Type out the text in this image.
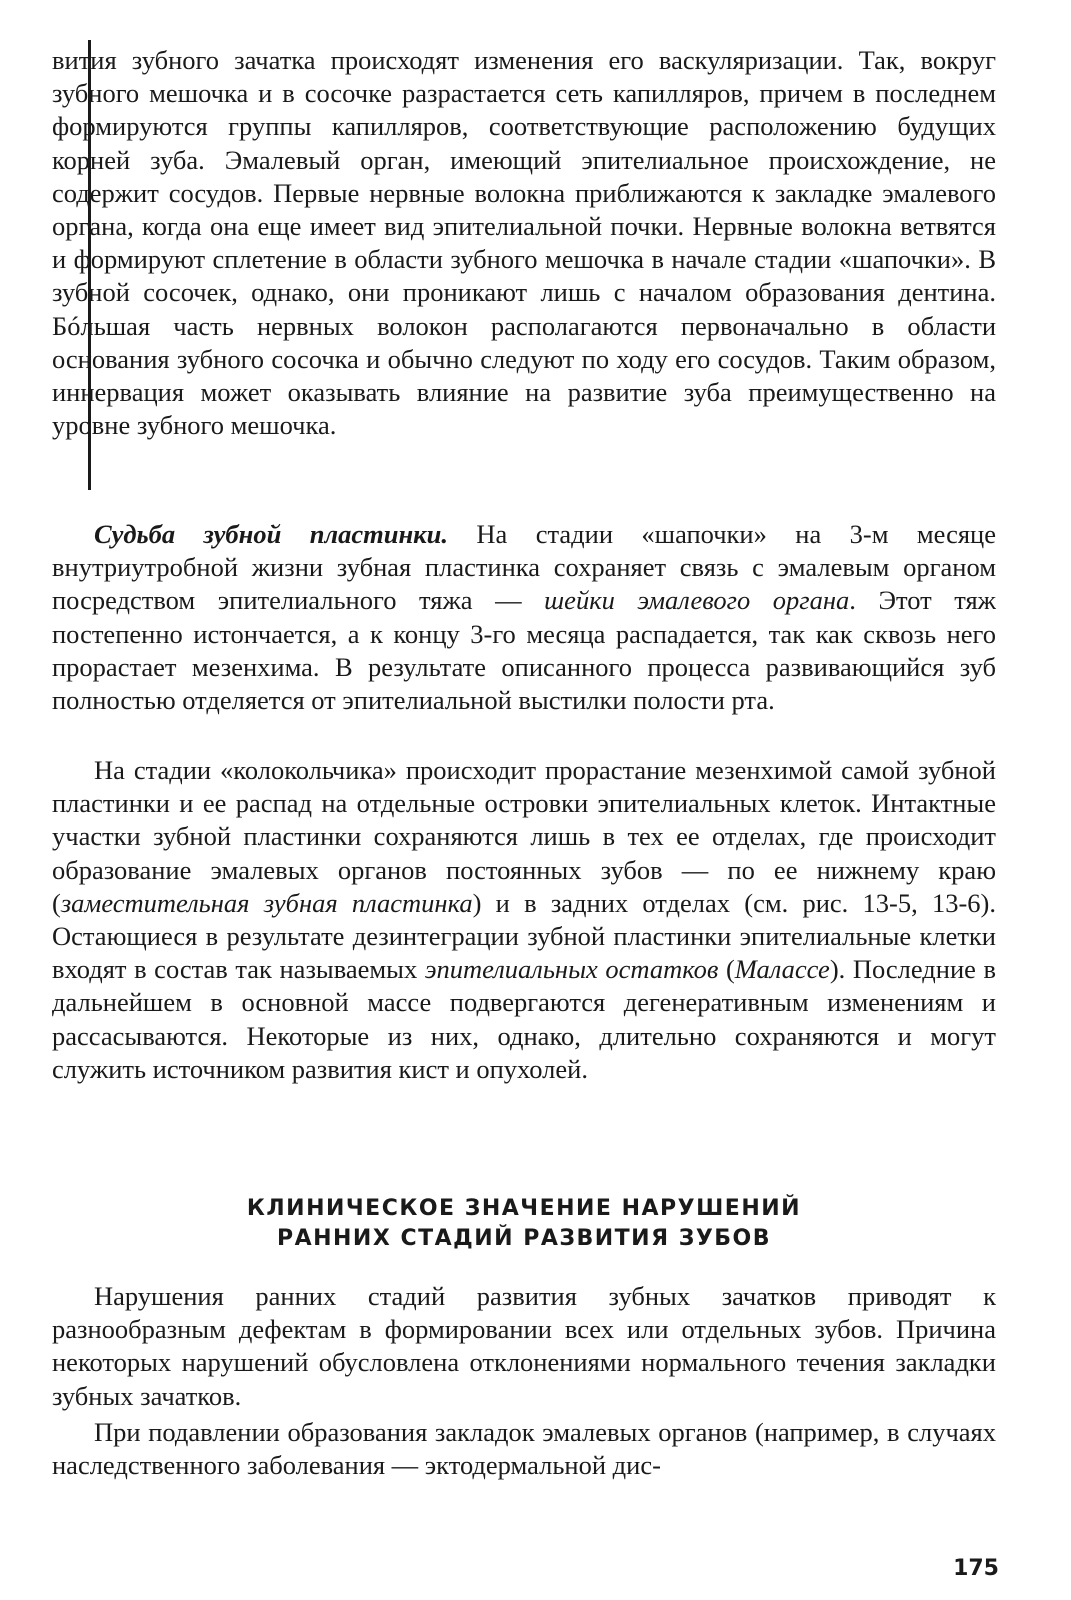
вития зубного зачатка происходят изменения его васкуляризации. Так, вокруг зубного мешочка и в сосочке разрастается сеть капилляров, причем в последнем формируются группы капилляров, соответствующие расположению будущих корней зуба. Эмалевый орган, имеющий эпителиальное происхождение, не содержит сосудов. Первые нервные волокна приближаются к закладке эмалевого органа, когда она еще имеет вид эпителиальной почки. Нервные волокна ветвятся и формируют сплетение в области зубного мешочка в начале стадии «шапочки». В зубной сосочек, однако, они проникают лишь с началом образования дентина. Бóльшая часть нервных волокон располагаются первоначально в области основания зубного сосочка и обычно следуют по ходу его сосудов. Таким образом, иннервация может оказывать влияние на развитие зуба преимущественно на уровне зубного мешочка.

Судьба зубной пластинки. На стадии «шапочки» на 3-м месяце внутриутробной жизни зубная пластинка сохраняет связь с эмалевым органом посредством эпителиального тяжа — шейки эмалевого органа. Этот тяж постепенно истончается, а к концу 3-го месяца распадается, так как сквозь него прорастает мезенхима. В результате описанного процесса развивающийся зуб полностью отделяется от эпителиальной выстилки полости рта.

На стадии «колокольчика» происходит прорастание мезенхимой самой зубной пластинки и ее распад на отдельные островки эпителиальных клеток. Интактные участки зубной пластинки сохраняются лишь в тех ее отделах, где происходит образование эмалевых органов постоянных зубов — по ее нижнему краю (заместительная зубная пластинка) и в задних отделах (см. рис. 13-5, 13-6). Остающиеся в результате дезинтеграции зубной пластинки эпителиальные клетки входят в состав так называемых эпителиальных остатков (Малассе). Последние в дальнейшем в основной массе подвергаются дегенеративным изменениям и рассасываются. Некоторые из них, однако, длительно сохраняются и могут служить источником развития кист и опухолей.

КЛИНИЧЕСКОЕ ЗНАЧЕНИЕ НАРУШЕНИЙ

РАННИХ СТАДИЙ РАЗВИТИЯ ЗУБОВ

Нарушения ранних стадий развития зубных зачатков приводят к разнообразным дефектам в формировании всех или отдельных зубов. Причина некоторых нарушений обусловлена отклонениями нормального течения закладки зубных зачатков.

При подавлении образования закладок эмалевых органов (например, в случаях наследственного заболевания — эктодермальной дис-

175
